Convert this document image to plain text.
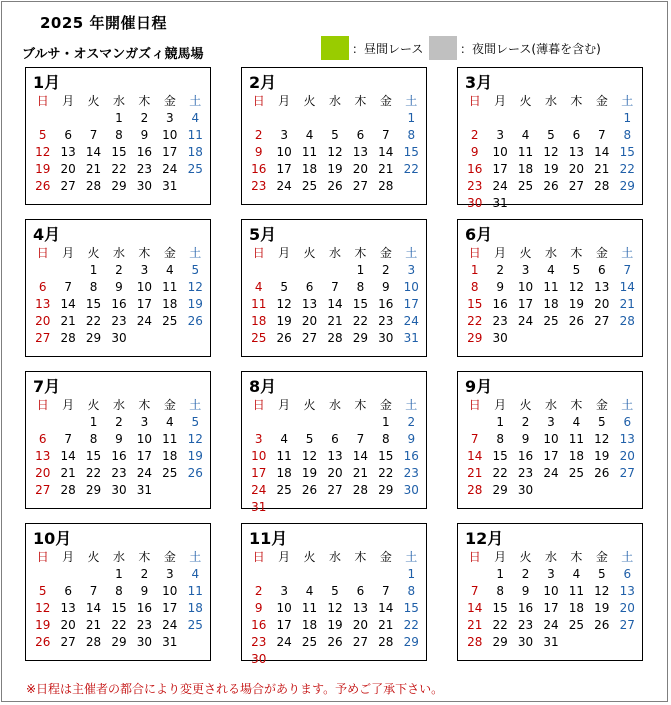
2025 年開催日程
ブルサ・オスマンガズィ競馬場	：昼間レース	：夜間レース(薄暮を含む)
1月
日	月	火	水	木	金	土
			1	2	3	4
5	6	7	8	9	10	11
12	13	14	15	16	17	18
19	20	21	22	23	24	25
26	27	28	29	30	31	
2月
日	月	火	水	木	金	土
						1
2	3	4	5	6	7	8
9	10	11	12	13	14	15
16	17	18	19	20	21	22
23	24	25	26	27	28	
3月
日	月	火	水	木	金	土
						1
2	3	4	5	6	7	8
9	10	11	12	13	14	15
16	17	18	19	20	21	22
23	24	25	26	27	28	29
30	31					
4月
日	月	火	水	木	金	土
		1	2	3	4	5
6	7	8	9	10	11	12
13	14	15	16	17	18	19
20	21	22	23	24	25	26
27	28	29	30			
5月
日	月	火	水	木	金	土
				1	2	3
4	5	6	7	8	9	10
11	12	13	14	15	16	17
18	19	20	21	22	23	24
25	26	27	28	29	30	31
6月
日	月	火	水	木	金	土
1	2	3	4	5	6	7
8	9	10	11	12	13	14
15	16	17	18	19	20	21
22	23	24	25	26	27	28
29	30					
7月
日	月	火	水	木	金	土
		1	2	3	4	5
6	7	8	9	10	11	12
13	14	15	16	17	18	19
20	21	22	23	24	25	26
27	28	29	30	31		
8月
日	月	火	水	木	金	土
					1	2
3	4	5	6	7	8	9
10	11	12	13	14	15	16
17	18	19	20	21	22	23
24	25	26	27	28	29	30
31						
9月
日	月	火	水	木	金	土
	1	2	3	4	5	6
7	8	9	10	11	12	13
14	15	16	17	18	19	20
21	22	23	24	25	26	27
28	29	30				
10月
日	月	火	水	木	金	土
			1	2	3	4
5	6	7	8	9	10	11
12	13	14	15	16	17	18
19	20	21	22	23	24	25
26	27	28	29	30	31	
11月
日	月	火	水	木	金	土
						1
2	3	4	5	6	7	8
9	10	11	12	13	14	15
16	17	18	19	20	21	22
23	24	25	26	27	28	29
30						
12月
日	月	火	水	木	金	土
	1	2	3	4	5	6
7	8	9	10	11	12	13
14	15	16	17	18	19	20
21	22	23	24	25	26	27
28	29	30	31			
※日程は主催者の都合により変更される場合があります。予めご了承下さい。
